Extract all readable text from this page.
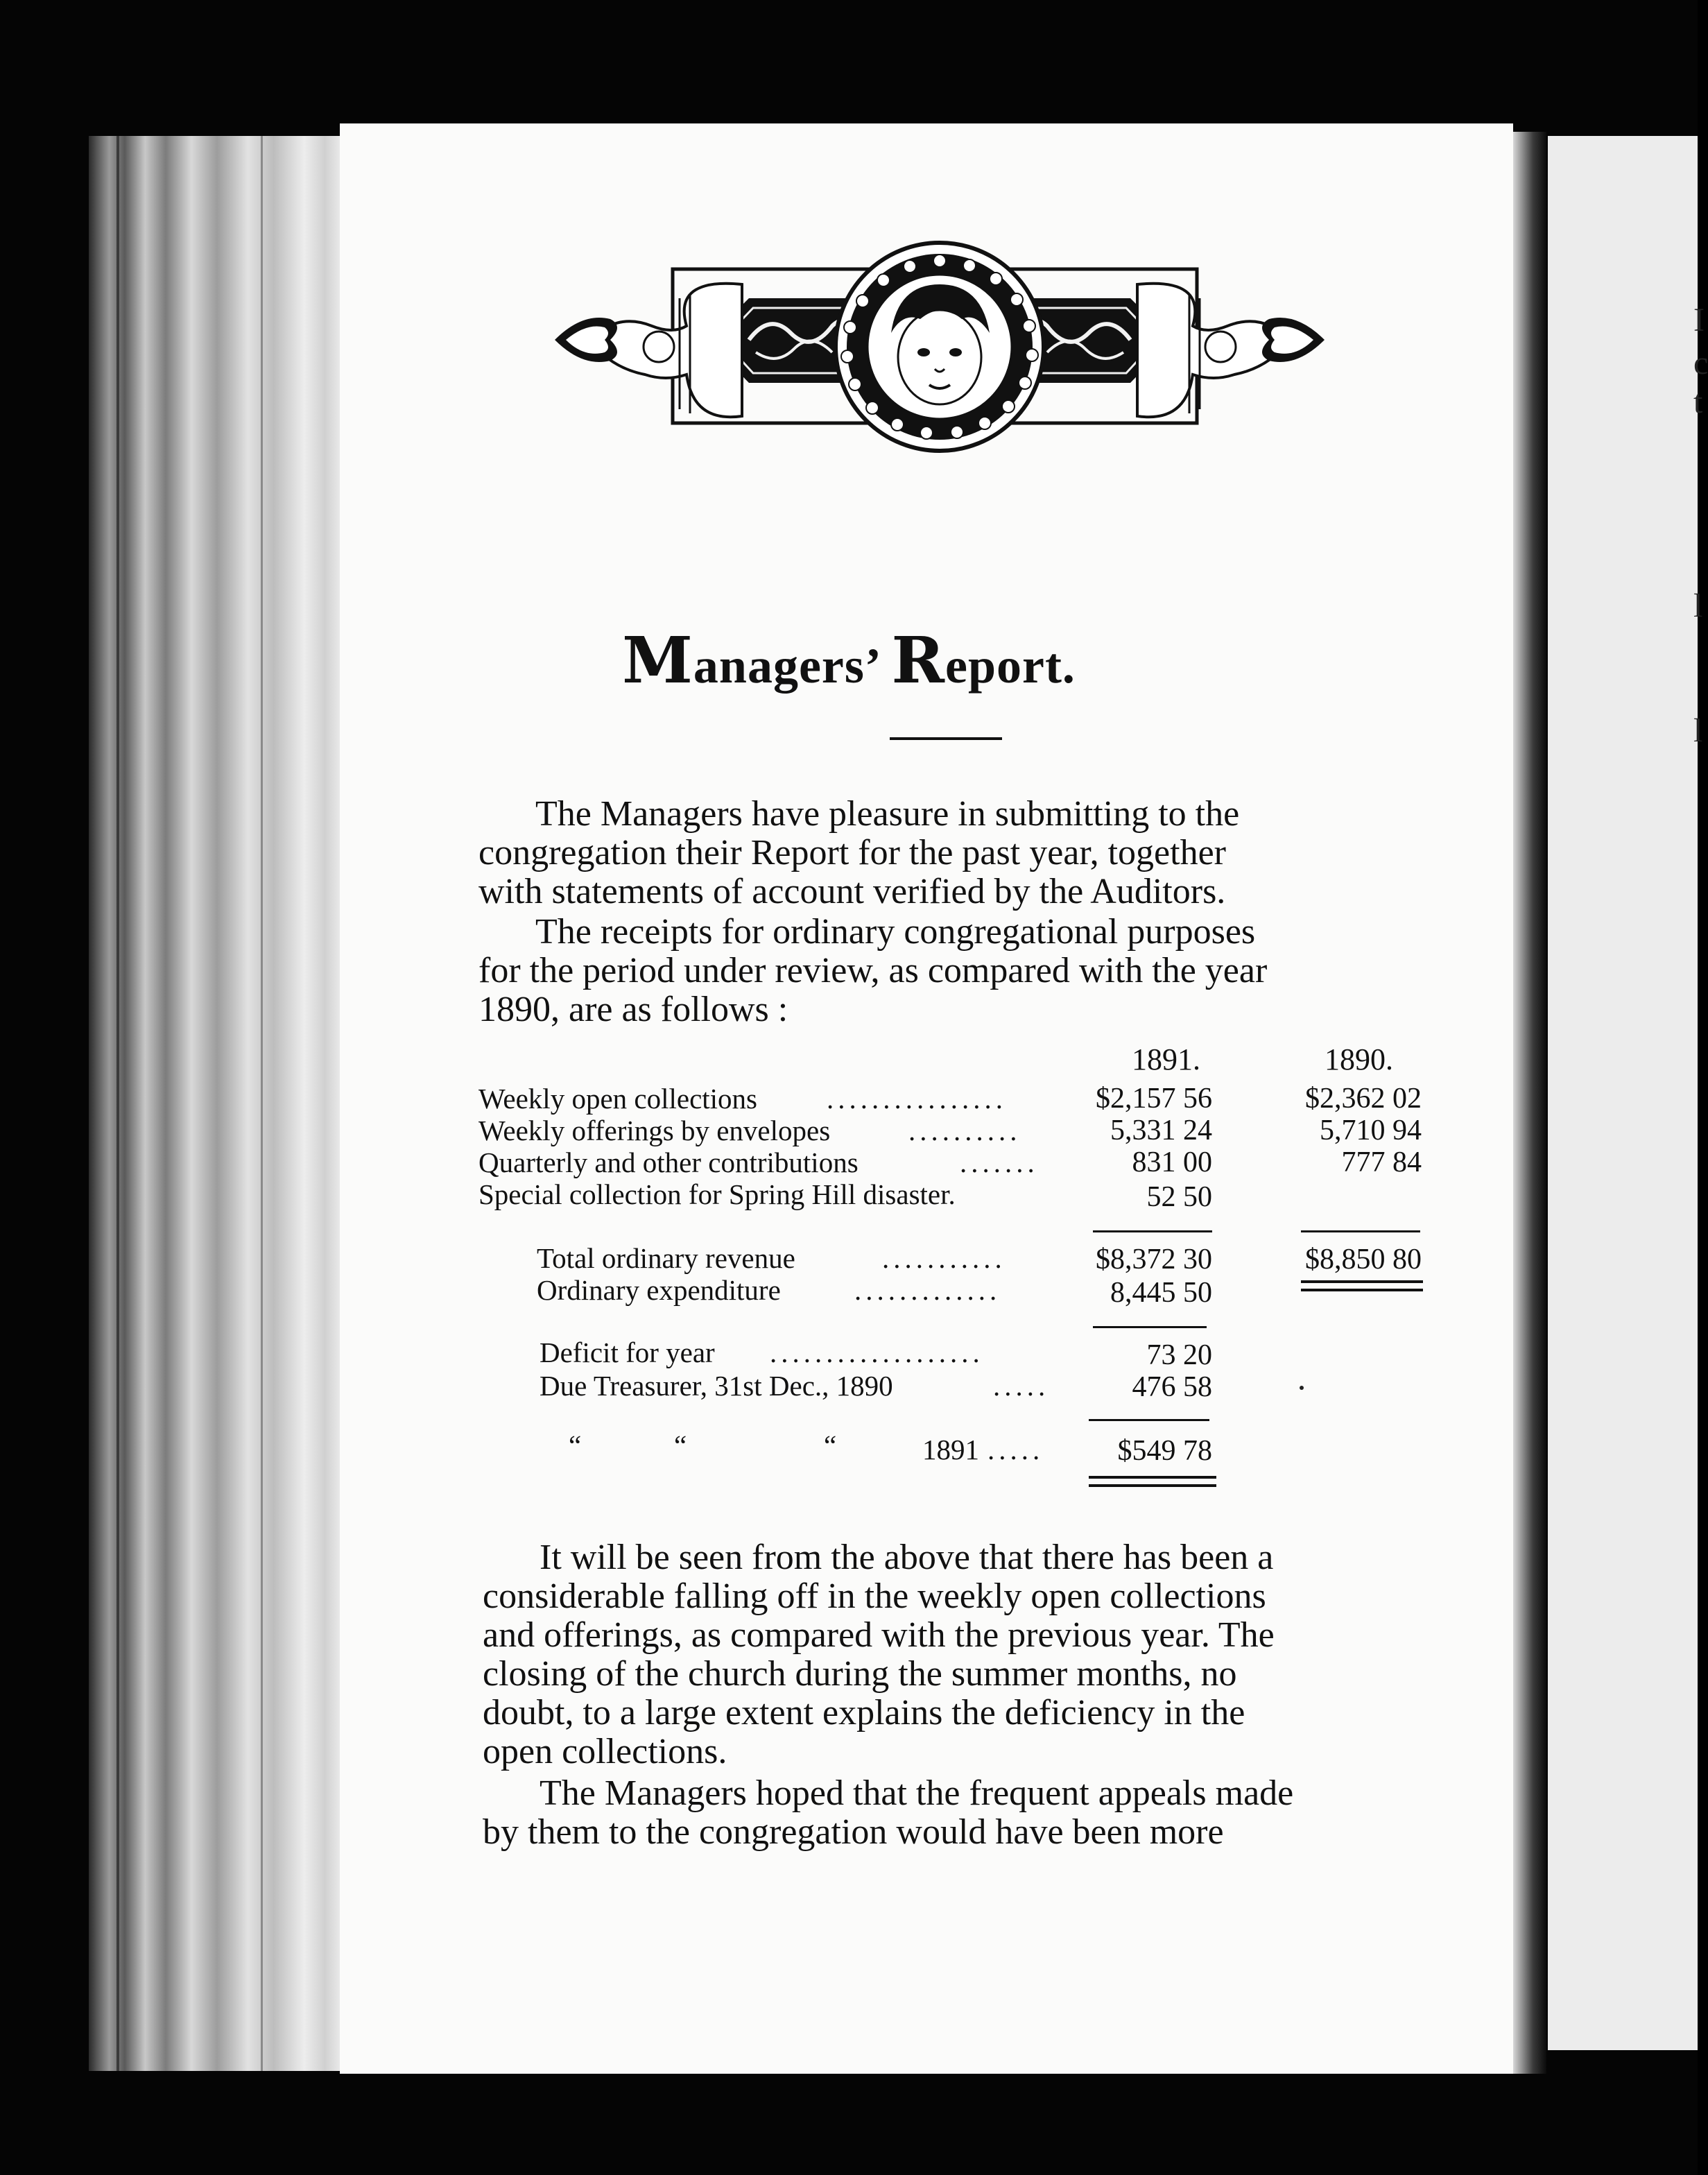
I
c
t
l
l
Managers’ Report.
The Managers have pleasure in submitting to the
congregation their Report for the past year, together
with statements of account verified by the Auditors.
The receipts for ordinary congregational purposes
for the period under review, as compared with the year
1890, are as follows :
1891.	1890.
Weekly open collections ................	$2,157 56	$2,362 02
Weekly offerings by envelopes	..........	5,331 24	5,710 94
Quarterly and other contributions	.......	831 00	777 84
Special collection for Spring Hill disaster.	52 50
Total ordinary revenue	...........	$8,372 30	$8,850 80
Ordinary expenditure	.............	8,445 50
Deficit for year ...................	73 20
Due Treasurer, 31st Dec., 1890	.....	476 58
“	“	“	1891 .....	$549 78
It will be seen from the above that there has been a
considerable falling off in the weekly open collections
and offerings, as compared with the previous year. The
closing of the church during the summer months, no
doubt, to a large extent explains the deficiency in the
open collections.
The Managers hoped that the frequent appeals made
by them to the congregation would have been more
